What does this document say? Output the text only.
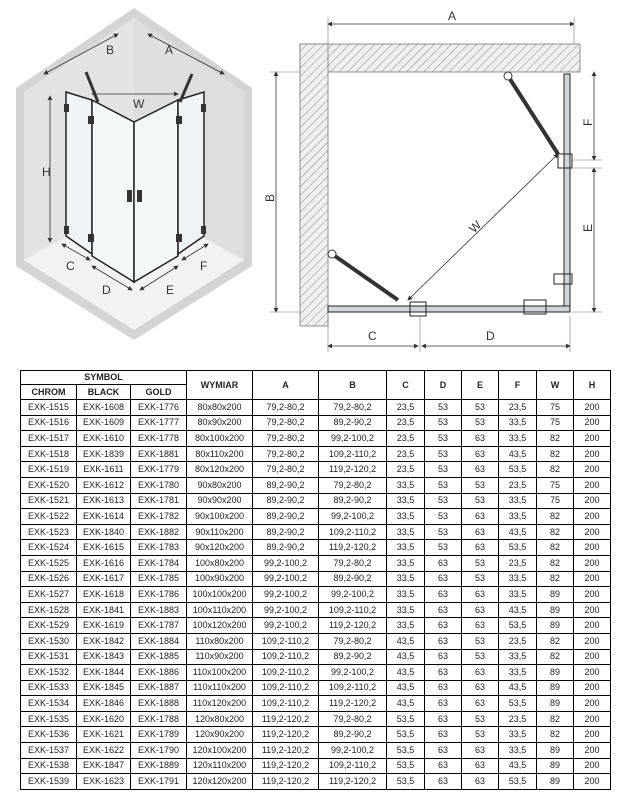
B	A
W
H
C
D	E
F
A
B
W
F
E
C	D
SYMBOL			WYMIAR	A	B	C	D	E	F	W	H
CHROM	BLACK	GOLD									
EXK-1515	EXK-1608	EXK-1776	80x80x200	79,2-80,2	79,2-80,2	23,5	53	53	23,5	75	200
EXK-1516	EXK-1609	EXK-1777	80x90x200	79,2-80,2	89,2-90,2	23,5	53	53	33,5	75	200
EXK-1517	EXK-1610	EXK-1778	80x100x200	79,2-80,2	99,2-100,2	23,5	53	63	33,5	82	200
EXK-1518	EXK-1839	EXK-1881	80x110x200	79,2-80,2	109,2-110,2	23,5	53	63	43,5	82	200
EXK-1519	EXK-1611	EXK-1779	80x120x200	79,2-80,2	119,2-120,2	23,5	53	63	53,5	82	200
EXK-1520	EXK-1612	EXK-1780	90x80x200	89,2-90,2	79,2-80,2	33,5	53	53	23,5	75	200
EXK-1521	EXK-1613	EXK-1781	90x90x200	89,2-90,2	89,2-90,2	33,5	53	53	33,5	75	200
EXK-1522	EXK-1614	EXK-1782	90x100x200	89,2-90,2	99,2-100,2	33,5	53	63	33,5	82	200
EXK-1523	EXK-1840	EXK-1882	90x110x200	89,2-90,2	109,2-110,2	33,5	53	63	43,5	82	200
EXK-1524	EXK-1615	EXK-1783	90x120x200	89,2-90,2	119,2-120,2	33,5	53	63	53,5	82	200
EXK-1525	EXK-1616	EXK-1784	100x80x200	99,2-100,2	79,2-80,2	33,5	63	53	23,5	82	200
EXK-1526	EXK-1617	EXK-1785	100x90x200	99,2-100,2	89,2-90,2	33,5	63	53	33,5	82	200
EXK-1527	EXK-1618	EXK-1786	100x100x200	99,2-100,2	99,2-100,2	33,5	63	63	33,5	89	200
EXK-1528	EXK-1841	EXK-1883	100x110x200	99,2-100,2	109,2-110,2	33,5	63	63	43,5	89	200
EXK-1529	EXK-1619	EXK-1787	100x120x200	99,2-100,2	119,2-120,2	33,5	63	63	53,5	89	200
EXK-1530	EXK-1842	EXK-1884	110x80x200	109,2-110,2	79,2-80,2	43,5	63	53	23,5	82	200
EXK-1531	EXK-1843	EXK-1885	110x90x200	109,2-110,2	89,2-90,2	43,5	63	53	33,5	82	200
EXK-1532	EXK-1844	EXK-1886	110x100x200	109,2-110,2	99,2-100,2	43,5	63	63	33,5	89	200
EXK-1533	EXK-1845	EXK-1887	110x110x200	109,2-110,2	109,2-110,2	43,5	63	63	43,5	89	200
EXK-1534	EXK-1846	EXK-1888	110x120x200	109,2-110,2	119,2-120,2	43,5	63	63	53,5	89	200
EXK-1535	EXK-1620	EXK-1788	120x80x200	119,2-120,2	79,2-80,2	53,5	63	53	23,5	82	200
EXK-1536	EXK-1621	EXK-1789	120x90x200	119,2-120,2	89,2-90,2	53,5	63	53	33,5	82	200
EXK-1537	EXK-1622	EXK-1790	120x100x200	119,2-120,2	99,2-100,2	53,5	63	63	33,5	89	200
EXK-1538	EXK-1847	EXK-1889	120x110x200	119,2-120,2	109,2-110,2	53,5	63	63	43,5	89	200
EXK-1539	EXK-1623	EXK-1791	120x120x200	119,2-120,2	119,2-120,2	53,5	63	63	53,5	89	200
